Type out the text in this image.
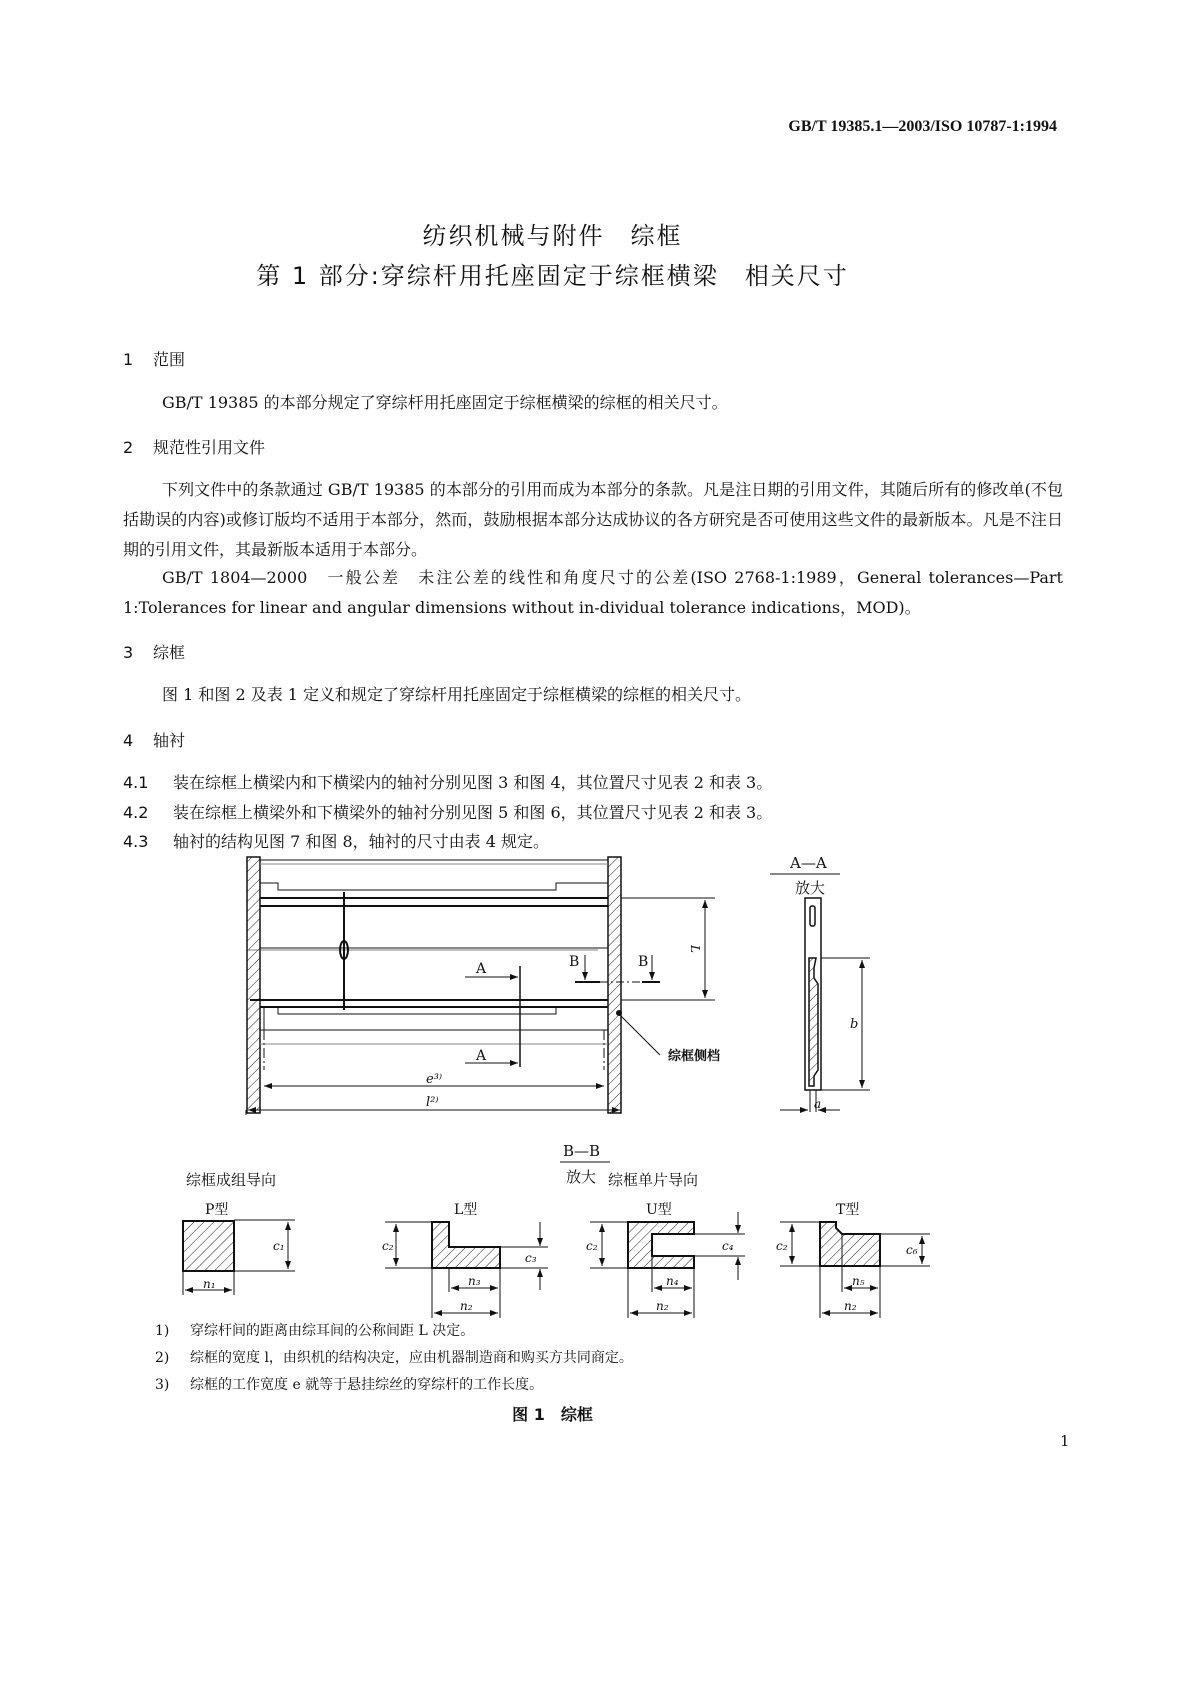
GB/T 19385.1—2003/ISO 10787-1:1994
纺织机械与附件　综框
第 1 部分:穿综杆用托座固定于综框横梁　相关尺寸
1 范围
GB/T 19385 的本部分规定了穿综杆用托座固定于综框横梁的综框的相关尺寸。
2 规范性引用文件
下列文件中的条款通过 GB/T 19385 的本部分的引用而成为本部分的条款。凡是注日期的引用文件，其随后所有的修改单(不包括勘误的内容)或修订版均不适用于本部分，然而，鼓励根据本部分达成协议的各方研究是否可使用这些文件的最新版本。凡是不注日期的引用文件，其最新版本适用于本部分。
GB/T 1804—2000　一般公差　未注公差的线性和角度尺寸的公差(ISO 2768-1:1989，General tolerances—Part 1:Tolerances for linear and angular dimensions without in-dividual tolerance indications，MOD)。
3 综框
图 1 和图 2 及表 1 定义和规定了穿综杆用托座固定于综框横梁的综框的相关尺寸。
4 轴衬
4.1 装在综框上横梁内和下横梁内的轴衬分别见图 3 和图 4，其位置尺寸见表 2 和表 3。
4.2 装在综框上横梁外和下横梁外的轴衬分别见图 5 和图 6，其位置尺寸见表 2 和表 3。
4.3 轴衬的结构见图 7 和图 8，轴衬的尺寸由表 4 规定。
A
A
B	B
L
e³⁾
l²⁾
综框侧档
A—A
放大
b
a
B—B
放大
综框成组导向	综框单片导向
P型
c₁
n₁
L型
c₂
c₃
n₃
n₂
U型
c₂	c₄
n₄
n₂
T型
c₂	c₆
n₅
n₂
1) 穿综杆间的距离由综耳间的公称间距 L 决定。
2) 综框的宽度 l，由织机的结构决定，应由机器制造商和购买方共同商定。
3) 综框的工作宽度 e 就等于悬挂综丝的穿综杆的工作长度。
图 1　综框
1
